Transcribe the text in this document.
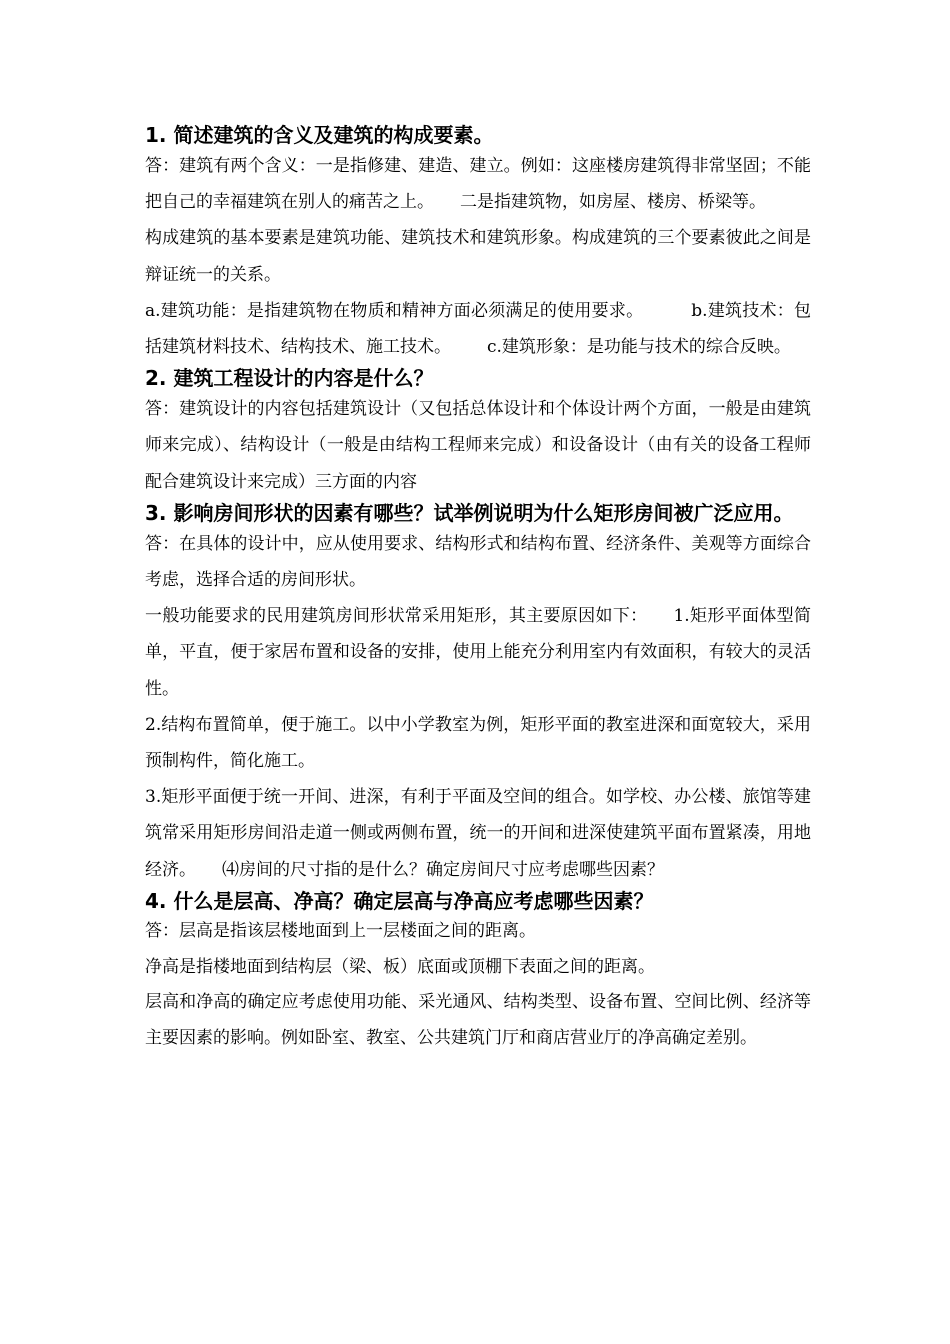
1. 简述建筑的含义及建筑的构成要素。

答：建筑有两个含义：一是指修建、建造、建立。例如：这座楼房建筑得非常坚固；不能把自己的幸福建筑在别人的痛苦之上。 二是指建筑物，如房屋、楼房、桥梁等。

构成建筑的基本要素是建筑功能、建筑技术和建筑形象。构成建筑的三个要素彼此之间是辩证统一的关系。

a.建筑功能：是指建筑物在物质和精神方面必须满足的使用要求。	b.建筑技术：包括建筑材料技术、结构技术、施工技术。 c.建筑形象：是功能与技术的综合反映。

2. 建筑工程设计的内容是什么？

答：建筑设计的内容包括建筑设计（又包括总体设计和个体设计两个方面，一般是由建筑师来完成）、结构设计（一般是由结构工程师来完成）和设备设计（由有关的设备工程师配合建筑设计来完成）三方面的内容

3. 影响房间形状的因素有哪些？试举例说明为什么矩形房间被广泛应用。

答：在具体的设计中，应从使用要求、结构形式和结构布置、经济条件、美观等方面综合考虑，选择合适的房间形状。

一般功能要求的民用建筑房间形状常采用矩形，其主要原因如下： 1.矩形平面体型简单，平直，便于家居布置和设备的安排，使用上能充分利用室内有效面积，有较大的灵活性。

2.结构布置简单，便于施工。以中小学教室为例，矩形平面的教室进深和面宽较大，采用预制构件，简化施工。

3.矩形平面便于统一开间、进深，有利于平面及空间的组合。如学校、办公楼、旅馆等建筑常采用矩形房间沿走道一侧或两侧布置，统一的开间和进深使建筑平面布置紧凑，用地经济。 ⑷房间的尺寸指的是什么？确定房间尺寸应考虑哪些因素？

4. 什么是层高、净高？确定层高与净高应考虑哪些因素？

答：层高是指该层楼地面到上一层楼面之间的距离。

净高是指楼地面到结构层（梁、板）底面或顶棚下表面之间的距离。

层高和净高的确定应考虑使用功能、采光通风、结构类型、设备布置、空间比例、经济等主要因素的影响。例如卧室、教室、公共建筑门厅和商店营业厅的净高确定差别。
